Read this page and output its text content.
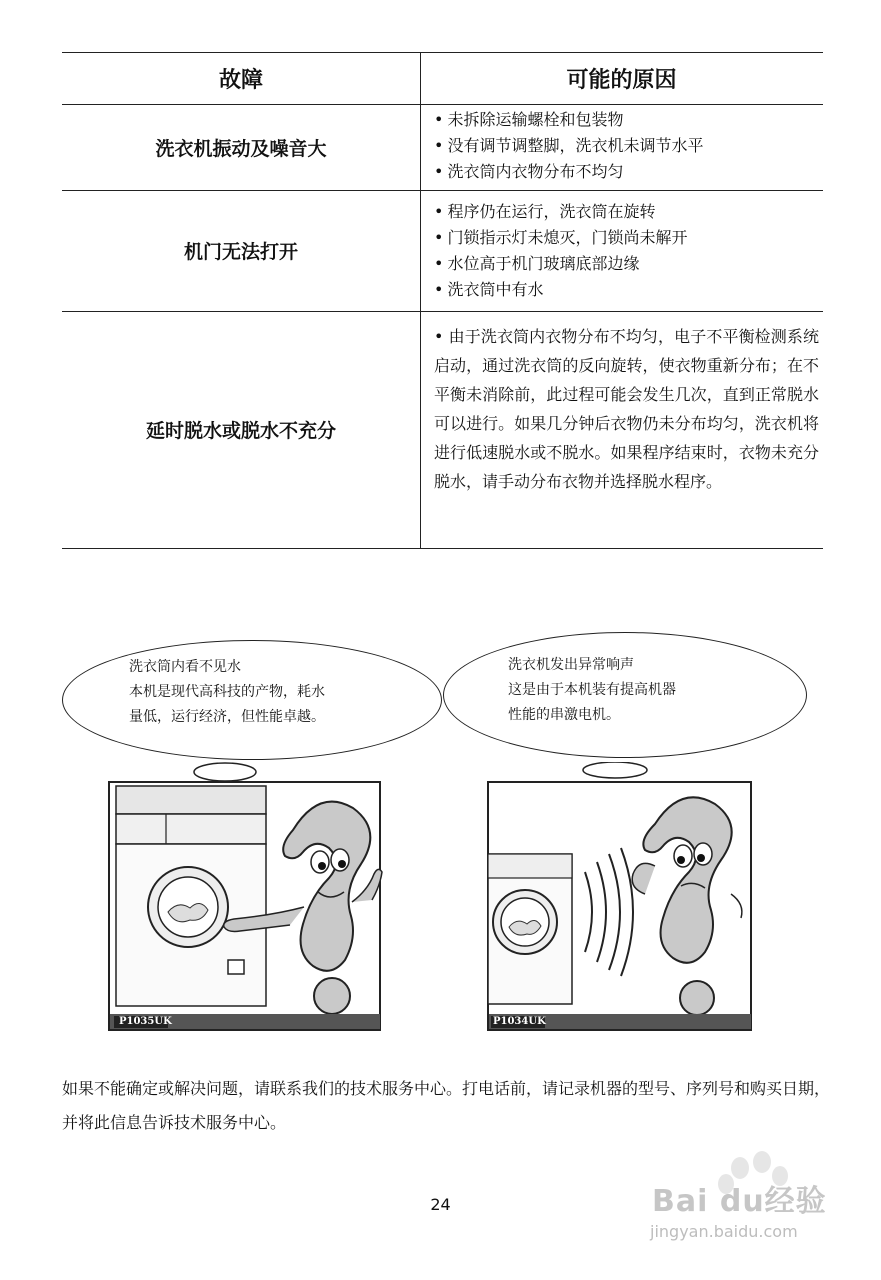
故障	可能的原因
洗衣机振动及噪音大
• 未拆除运输螺栓和包装物
• 没有调节调整脚，洗衣机未调节水平
• 洗衣筒内衣物分布不均匀
机门无法打开
• 程序仍在运行，洗衣筒在旋转
• 门锁指示灯未熄灭，门锁尚未解开
• 水位高于机门玻璃底部边缘
• 洗衣筒中有水
延时脱水或脱水不充分

• 由于洗衣筒内衣物分布不均匀，电子不平衡检测系统启动，通过洗衣筒的反向旋转，使衣物重新分布；在不平衡未消除前，此过程可能会发生几次，直到正常脱水可以进行。如果几分钟后衣物仍未分布均匀，洗衣机将进行低速脱水或不脱水。如果程序结束时，衣物未充分脱水，请手动分布衣物并选择脱水程序。

洗衣筒内看不见水
本机是现代高科技的产物，耗水
量低，运行经济，但性能卓越。
洗衣机发出异常响声
这是由于本机装有提高机器
性能的串激电机。
P1035UK	P1034UK

如果不能确定或解决问题，请联系我们的技术服务中心。打电话前，请记录机器的型号、序列号和购买日期，并将此信息告诉技术服务中心。

24	Bai du经验
jingyan.baidu.com
